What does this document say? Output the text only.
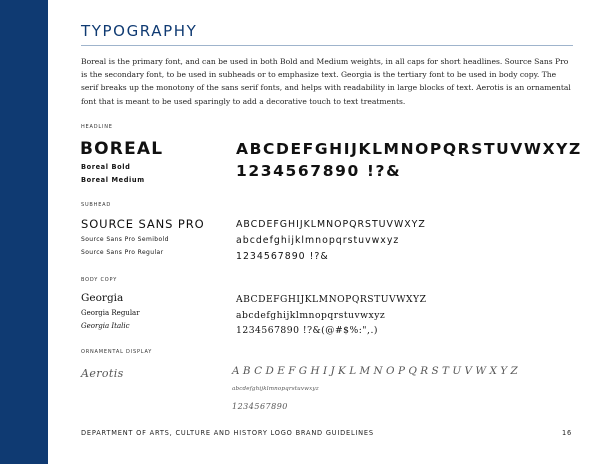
TYPOGRAPHY

Boreal is the primary font, and can be used in both Bold and Medium weights, in all caps for short headlines. Source Sans Pro is the secondary font, to be used in subheads or to emphasize text. Georgia is the tertiary font to be used in body copy. The serif breaks up the monotony of the sans serif fonts, and helps with readability in large blocks of text. Aerotis is an ornamental font that is meant to be used sparingly to add a decorative touch to text treatments.

HEADLINE
BOREAL
Boreal Bold
Boreal Medium
ABCDEFGHIJKLMNOPQRSTUVWXYZ
1234567890 !?&
SUBHEAD
SOURCE SANS PRO
Source Sans Pro Semibold
Source Sans Pro Regular
ABCDEFGHIJKLMNOPQRSTUVWXYZ
abcdefghijklmnopqrstuvwxyz
1234567890 !?&
BODY COPY
Georgia
Georgia Regular
Georgia Italic
ABCDEFGHIJKLMNOPQRSTUVWXYZ
abcdefghijklmnopqrstuvwxyz
1234567890 !?&(@#$%:",.)
ORNAMENTAL DISPLAY
Aerotis	ABCDEFGHIJKLMNOPQRSTUVWXYZ
abcdefghijklmnopqrstuvwxyz
1234567890

DEPARTMENT OF ARTS, CULTURE AND HISTORY LOGO BRAND GUIDELINES	16
